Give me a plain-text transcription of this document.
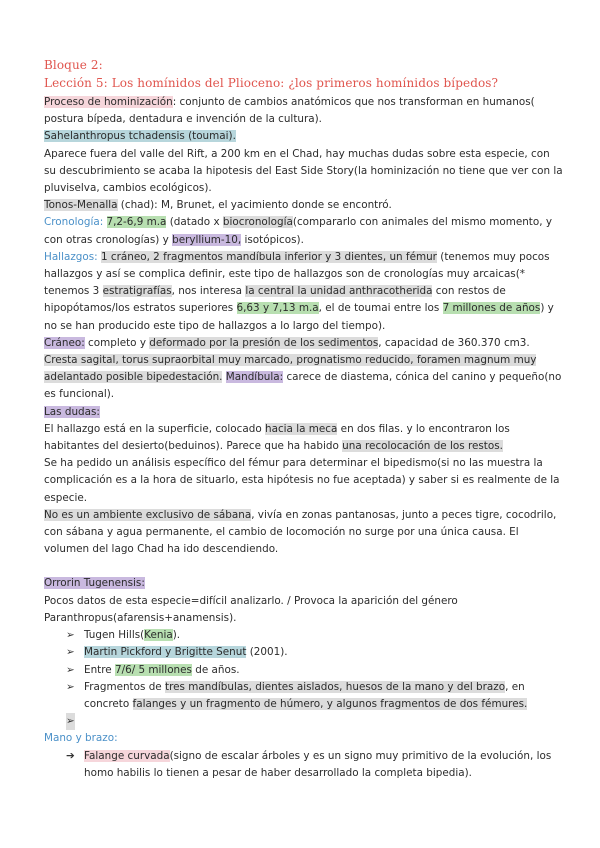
Bloque 2:
Lección 5: Los homínidos del Plioceno: ¿los primeros homínidos bípedos?

Proceso de hominización: conjunto de cambios anatómicos que nos transforman en humanos( postura bípeda, dentadura e invención de la cultura).

Sahelanthropus tchadensis (toumai).

Aparece fuera del valle del Rift, a 200 km en el Chad, hay muchas dudas sobre esta especie, con su descubrimiento se acaba la hipotesis del East Side Story(la hominización no tiene que ver con la pluviselva, cambios ecológicos).

Tonos-Menalla (chad): M, Brunet, el yacimiento donde se encontró.

Cronología: 7,2-6,9 m.a (datado x biocronología(compararlo con animales del mismo momento, y con otras cronologías) y beryllium-10, isotópicos).

Hallazgos: 1 cráneo, 2 fragmentos mandíbula inferior y 3 dientes, un fémur (tenemos muy pocos hallazgos y así se complica definir, este tipo de hallazgos son de cronologías muy arcaicas(* tenemos 3 estratigrafías, nos interesa la central la unidad anthracotherida con restos de hipopótamos/los estratos superiores 6,63 y 7,13 m.a, el de toumai entre los 7 millones de años) y no se han producido este tipo de hallazgos a lo largo del tiempo).

Cráneo: completo y deformado por la presión de los sedimentos, capacidad de 360.370 cm3. Cresta sagital, torus supraorbital muy marcado, prognatismo reducido, foramen magnum muy adelantado posible bipedestación. Mandíbula: carece de diastema, cónica del canino y pequeño(no es funcional).

Las dudas:

El hallazgo está en la superficie, colocado hacia la meca en dos filas. y lo encontraron los habitantes del desierto(beduinos). Parece que ha habido una recolocación de los restos.

Se ha pedido un análisis específico del fémur para determinar el bipedismo(si no las muestra la complicación es a la hora de situarlo, esta hipótesis no fue aceptada) y saber si es realmente de la especie.

No es un ambiente exclusivo de sábana, vivía en zonas pantanosas, junto a peces tigre, cocodrilo, con sábana y agua permanente, el cambio de locomoción no surge por una única causa. El volumen del lago Chad ha ido descendiendo.

Orrorin Tugenensis:

Pocos datos de esta especie=difícil analizarlo. / Provoca la aparición del género Paranthropus(afarensis+anamensis).

➢ Tugen Hills(Kenia).
➢ Martin Pickford y Brigitte Senut (2001).
➢ Entre 7/6/ 5 millones de años.
➢ Fragmentos de tres mandíbulas, dientes aislados, huesos de la mano y del brazo, en concreto falanges y un fragmento de húmero, y algunos fragmentos de dos fémures.
➢

Mano y brazo:

➔ Falange curvada(signo de escalar árboles y es un signo muy primitivo de la evolución, los homo habilis lo tienen a pesar de haber desarrollado la completa bipedia).
